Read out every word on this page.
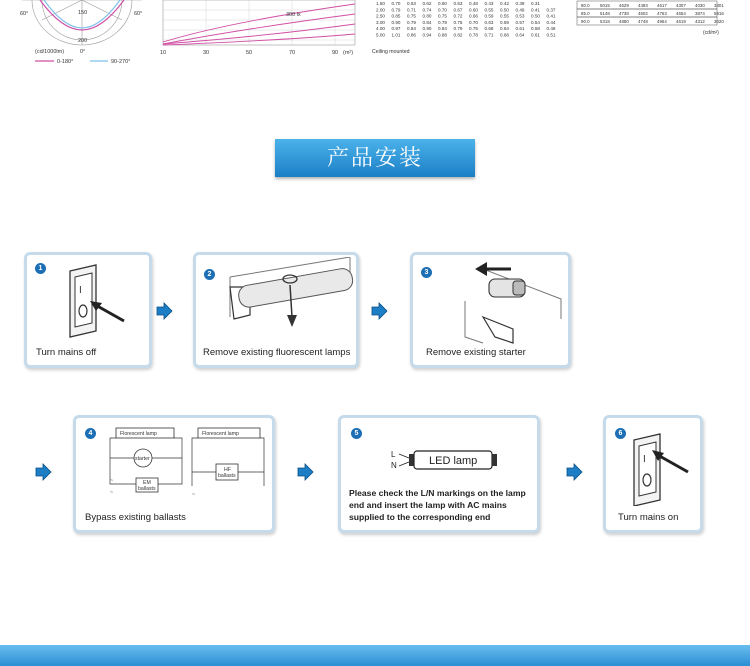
60°	60°
150
200
(cd/1000lm)	0°
0-180°	90-270°
300 lx
10	30	50	70	90 (m²)
1.50 0.70 0.63 0.62 0.60 0.53 0.48 0.43 0.42 0.39 0.31
2.00 0.79 0.71 0.74 0.70 0.67 0.60 0.55 0.50 0.49 0.41 0.37
2.50 0.85 0.75 0.80 0.75 0.72 0.66 0.59 0.55 0.53 0.50 0.41
3.00 0.90 0.79 0.84 0.79 0.75 0.70 0.63 0.59 0.57 0.54 0.44
4.00 0.97 0.84 0.90 0.84 0.79 0.75 0.68 0.64 0.61 0.58 0.48
5.00 1.01 0.86 0.94 0.88 0.82 0.78 0.71 0.68 0.64 0.61 0.51
Ceiling mounted
80.0 5015 4629 4493 4617 4307 4030 3401
85.0 5148 4738 4602 4763 4554 3874 5916
90.0 5318 4880 4748 4964 4619 4312 3020
(cd/m²)
产品安装
1
I
Turn mains off
2
Remove existing fluorescent lamps
3
Remove existing starter
4	Florescent lamp
starter
EM
ballasts
~
~
Florescent lamp
HF
ballasts
~
Bypass existing ballasts
5
L
N	LED lamp
Please check the L/N markings on the lamp
end and insert the lamp with AC mains
supplied to the corresponding end
6
I
Turn mains on
